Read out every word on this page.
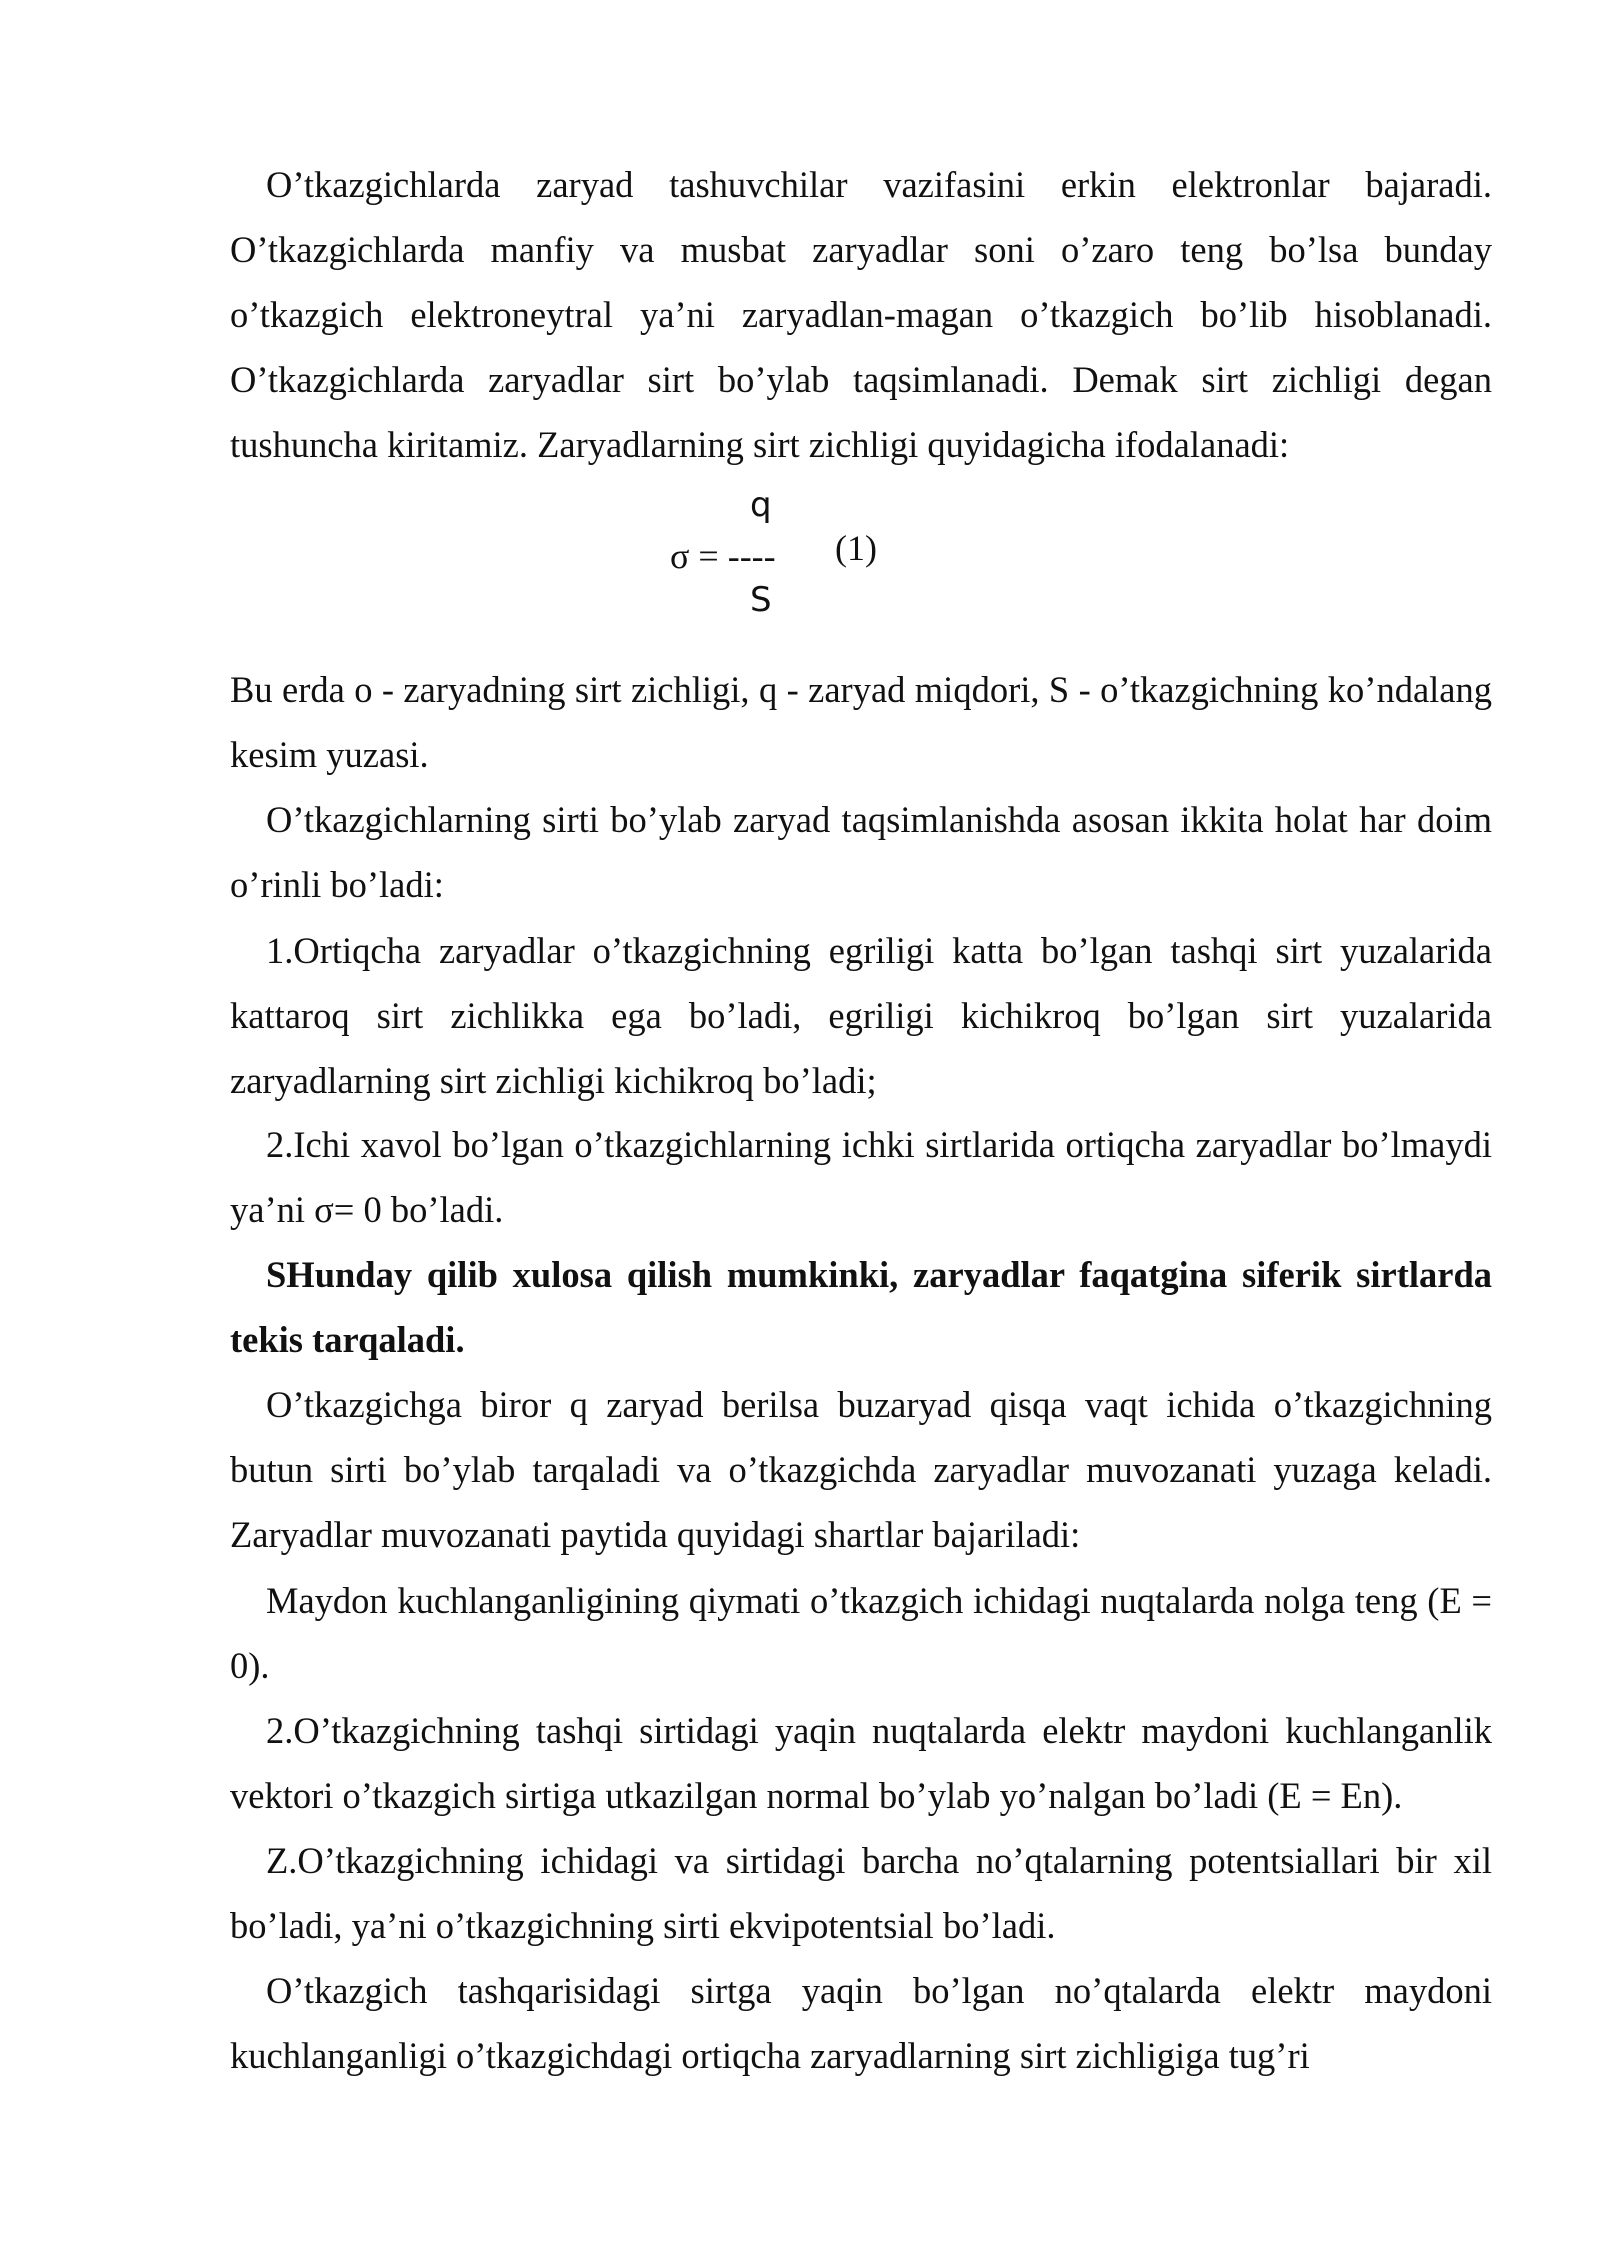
O’tkazgichlarda zaryad tashuvchilar vazifasini erkin elektronlar bajaradi. O’tkazgichlarda manfiy va musbat zaryadlar soni o’zaro teng bo’lsa bunday o’tkazgich elektroneytral ya’ni zaryadlan-magan o’tkazgich bo’lib hisoblanadi. O’tkazgichlarda zaryadlar sirt bo’ylab taqsimlanadi. Demak sirt zichligi degan tushuncha kiritamiz. Zaryadlarning sirt zichligi quyidagicha ifodalanadi:

q
σ = ----
S
(1)

Bu erda o - zaryadning sirt zichligi, q - zaryad miqdori, S - o’tkazgichning ko’ndalang kesim yuzasi.

O’tkazgichlarning sirti bo’ylab zaryad taqsimlanishda asosan ikkita holat har doim o’rinli bo’ladi:

1.Ortiqcha zaryadlar o’tkazgichning egriligi katta bo’lgan tashqi sirt yuzalarida kattaroq sirt zichlikka ega bo’ladi, egriligi kichikroq bo’lgan sirt yuzalarida zaryadlarning sirt zichligi kichikroq bo’ladi;

2.Ichi xavol bo’lgan o’tkazgichlarning ichki sirtlarida ortiqcha zaryadlar bo’lmaydi ya’ni σ= 0 bo’ladi.

SHunday qilib xulosa qilish mumkinki, zaryadlar faqatgina siferik sirtlarda tekis tarqaladi.

O’tkazgichga biror q zaryad berilsa buzaryad qisqa vaqt ichida o’tkazgichning butun sirti bo’ylab tarqaladi va o’tkazgichda zaryadlar muvozanati yuzaga keladi. Zaryadlar muvozanati paytida quyidagi shartlar bajariladi:

Maydon kuchlanganligining qiymati o’tkazgich ichidagi nuqtalarda nolga teng (E = 0).

2.O’tkazgichning tashqi sirtidagi yaqin nuqtalarda elektr maydoni kuchlanganlik vektori o’tkazgich sirtiga utkazilgan normal bo’ylab yo’nalgan bo’ladi (E = En).

Z.O’tkazgichning ichidagi va sirtidagi barcha no’qtalarning potentsiallari bir xil bo’ladi, ya’ni o’tkazgichning sirti ekvipotentsial bo’ladi.

O’tkazgich tashqarisidagi sirtga yaqin bo’lgan no’qtalarda elektr maydoni kuchlanganligi o’tkazgichdagi ortiqcha zaryadlarning sirt zichligiga tug’ri
